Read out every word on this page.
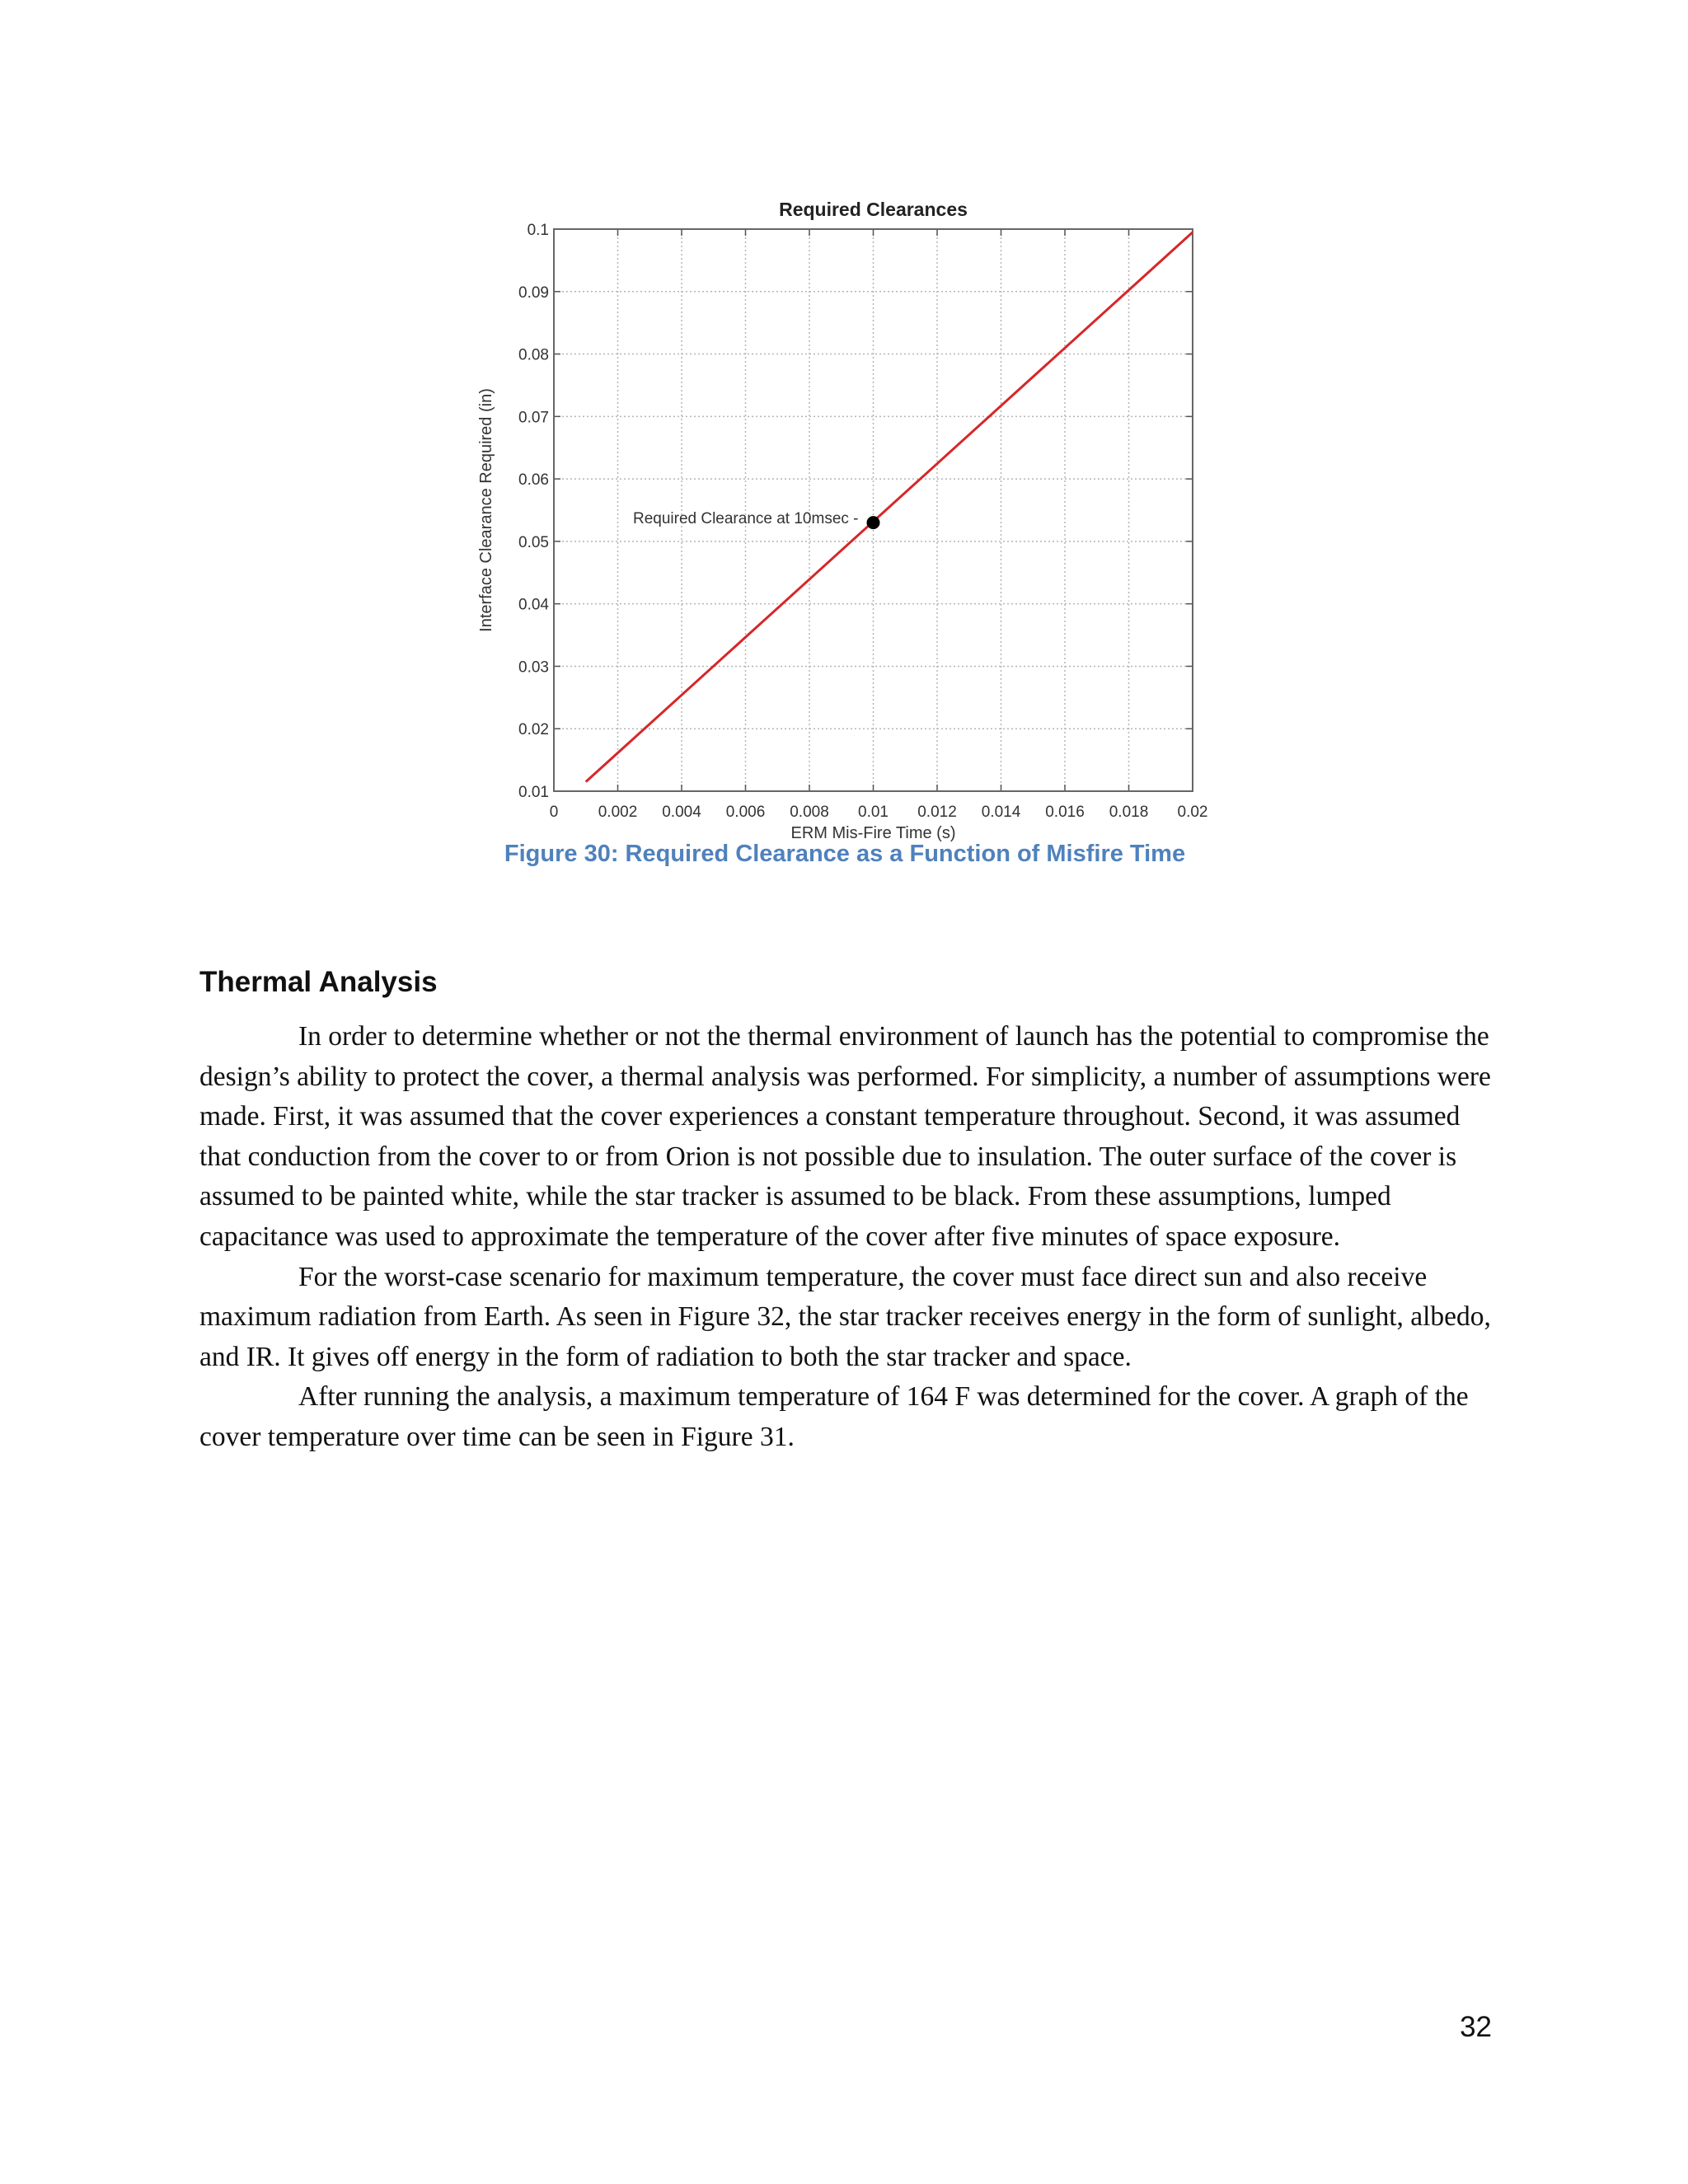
0	0.002 0.004 0.006 0.008 0.01 0.012 0.014 0.016 0.018 0.02
0.01
0.02
0.03
0.04
0.05
0.06
0.07
0.08
0.09
0.1
Required Clearance at 10msec -
Required Clearances
ERM Mis-Fire Time (s)
Interface Clearance Required (in)
Figure 30: Required Clearance as a Function of Misfire Time
Thermal Analysis

In order to determine whether or not the thermal environment of launch has the potential to compromise the design’s ability to protect the cover, a thermal analysis was performed. For simplicity, a number of assumptions were made. First, it was assumed that the cover experiences a constant temperature throughout. Second, it was assumed that conduction from the cover to or from Orion is not possible due to insulation. The outer surface of the cover is assumed to be painted white, while the star tracker is assumed to be black. From these assumptions, lumped capacitance was used to approximate the temperature of the cover after five minutes of space exposure.

For the worst-case scenario for maximum temperature, the cover must face direct sun and also receive maximum radiation from Earth. As seen in Figure 32, the star tracker receives energy in the form of sunlight, albedo, and IR. It gives off energy in the form of radiation to both the star tracker and space.

After running the analysis, a maximum temperature of 164 F was determined for the cover. A graph of the cover temperature over time can be seen in Figure 31.

32
